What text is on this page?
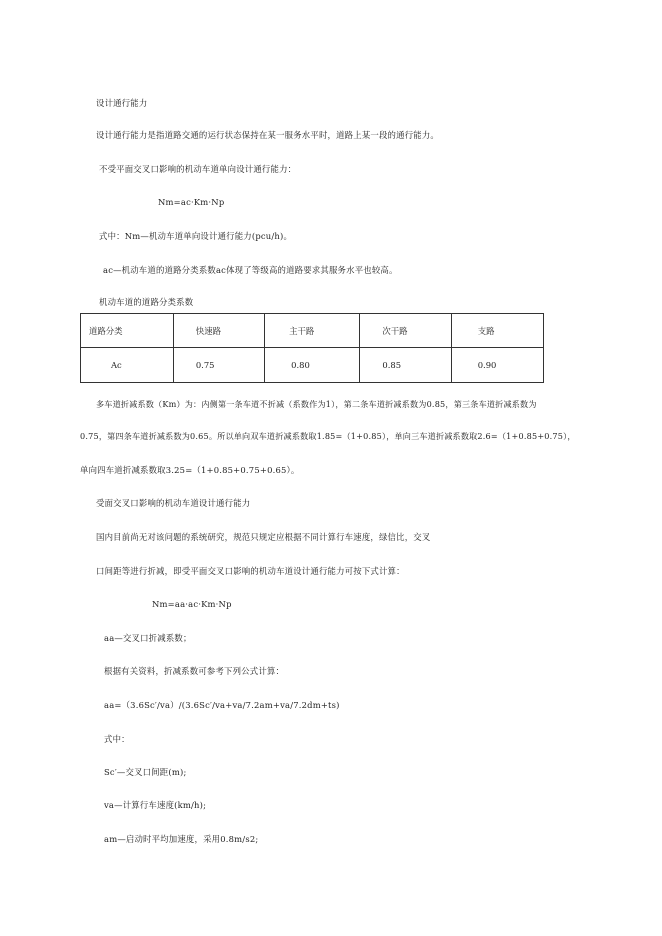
设计通行能力
设计通行能力是指道路交通的运行状态保持在某一服务水平时，道路上某一段的通行能力。
不受平面交叉口影响的机动车道单向设计通行能力：
Nm=ac·Km·Np
式中：Nm—机动车道单向设计通行能力(pcu/h)。
ac—机动车道的道路分类系数ac体现了等级高的道路要求其服务水平也较高。
机动车道的道路分类系数
道路分类	快速路	主干路	次干路	支路
Ac	0.75	0.80	0.85	0.90
多车道折减系数（Km）为：内侧第一条车道不折减（系数作为1），第二条车道折减系数为0.85，第三条车道折减系数为
0.75，第四条车道折减系数为0.65。所以单向双车道折减系数取1.85=（1+0.85），单向三车道折减系数取2.6=（1+0.85+0.75），
单向四车道折减系数取3.25=（1+0.85+0.75+0.65）。
受面交叉口影响的机动车道设计通行能力
国内目前尚无对该问题的系统研究，规范只规定应根据不同计算行车速度，绿信比，交叉
口间距等进行折减，即受平面交叉口影响的机动车道设计通行能力可按下式计算：
Nm=aa·ac·Km·Np
aa—交叉口折减系数；
根据有关资料，折减系数可参考下列公式计算：
aa=（3.6Sc′/va）/(3.6Sc′/va+va/7.2am+va/7.2dm+ts)
式中：
Sc′—交叉口间距(m);
va—计算行车速度(km/h);
am—启动时平均加速度，采用0.8m/s2;
